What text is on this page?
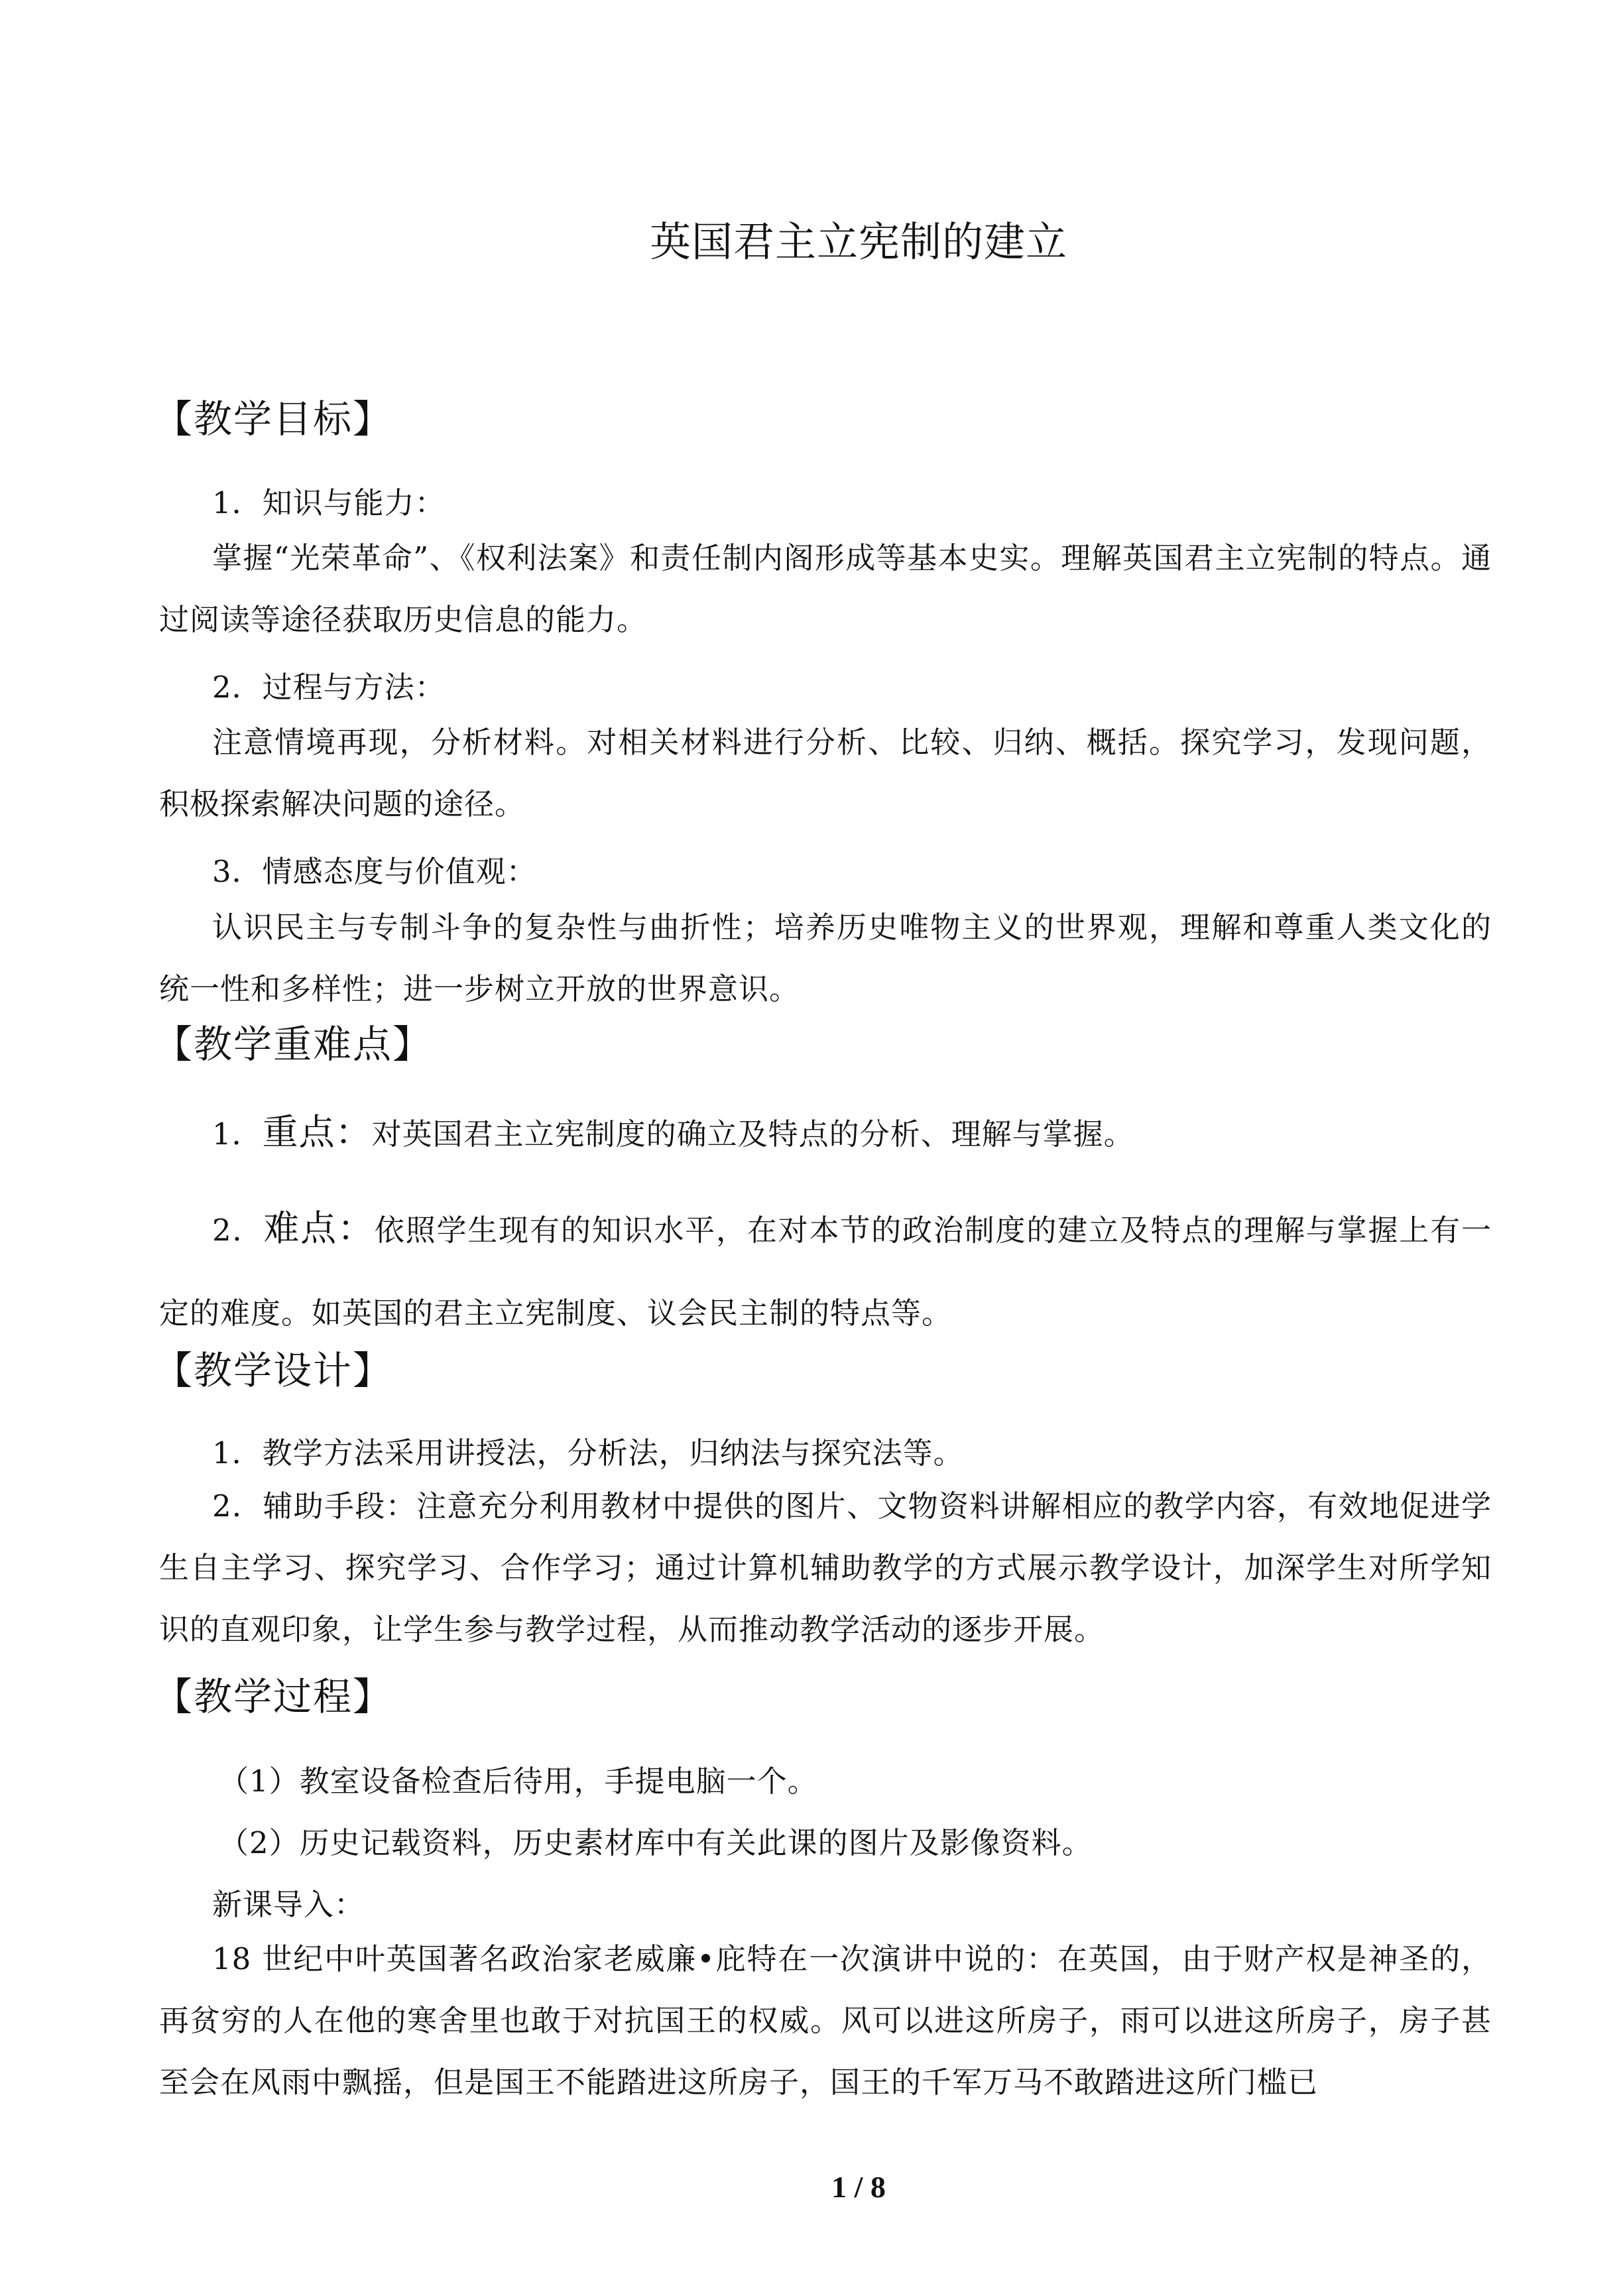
英国君主立宪制的建立
【教学目标】
1．知识与能力：
掌握“光荣革命”、《权利法案》和责任制内阁形成等基本史实。理解英国君主立宪制的特点。通过阅读等途径获取历史信息的能力。
2．过程与方法：
注意情境再现，分析材料。对相关材料进行分析、比较、归纳、概括。探究学习，发现问题，积极探索解决问题的途径。
3．情感态度与价值观：
认识民主与专制斗争的复杂性与曲折性；培养历史唯物主义的世界观，理解和尊重人类文化的统一性和多样性；进一步树立开放的世界意识。
【教学重难点】
1．重点：对英国君主立宪制度的确立及特点的分析、理解与掌握。
2．难点：依照学生现有的知识水平，在对本节的政治制度的建立及特点的理解与掌握上有一定的难度。如英国的君主立宪制度、议会民主制的特点等。
【教学设计】
1．教学方法采用讲授法，分析法，归纳法与探究法等。
2．辅助手段：注意充分利用教材中提供的图片、文物资料讲解相应的教学内容，有效地促进学生自主学习、探究学习、合作学习；通过计算机辅助教学的方式展示教学设计，加深学生对所学知识的直观印象，让学生参与教学过程，从而推动教学活动的逐步开展。
【教学过程】
（1）教室设备检查后待用，手提电脑一个。
（2）历史记载资料，历史素材库中有关此课的图片及影像资料。
新课导入：
18 世纪中叶英国著名政治家老威廉•庇特在一次演讲中说的：在英国，由于财产权是神圣的，再贫穷的人在他的寒舍里也敢于对抗国王的权威。风可以进这所房子，雨可以进这所房子，房子甚至会在风雨中飘摇，但是国王不能踏进这所房子，国王的千军万马不敢踏进这所门槛已
1 / 8
